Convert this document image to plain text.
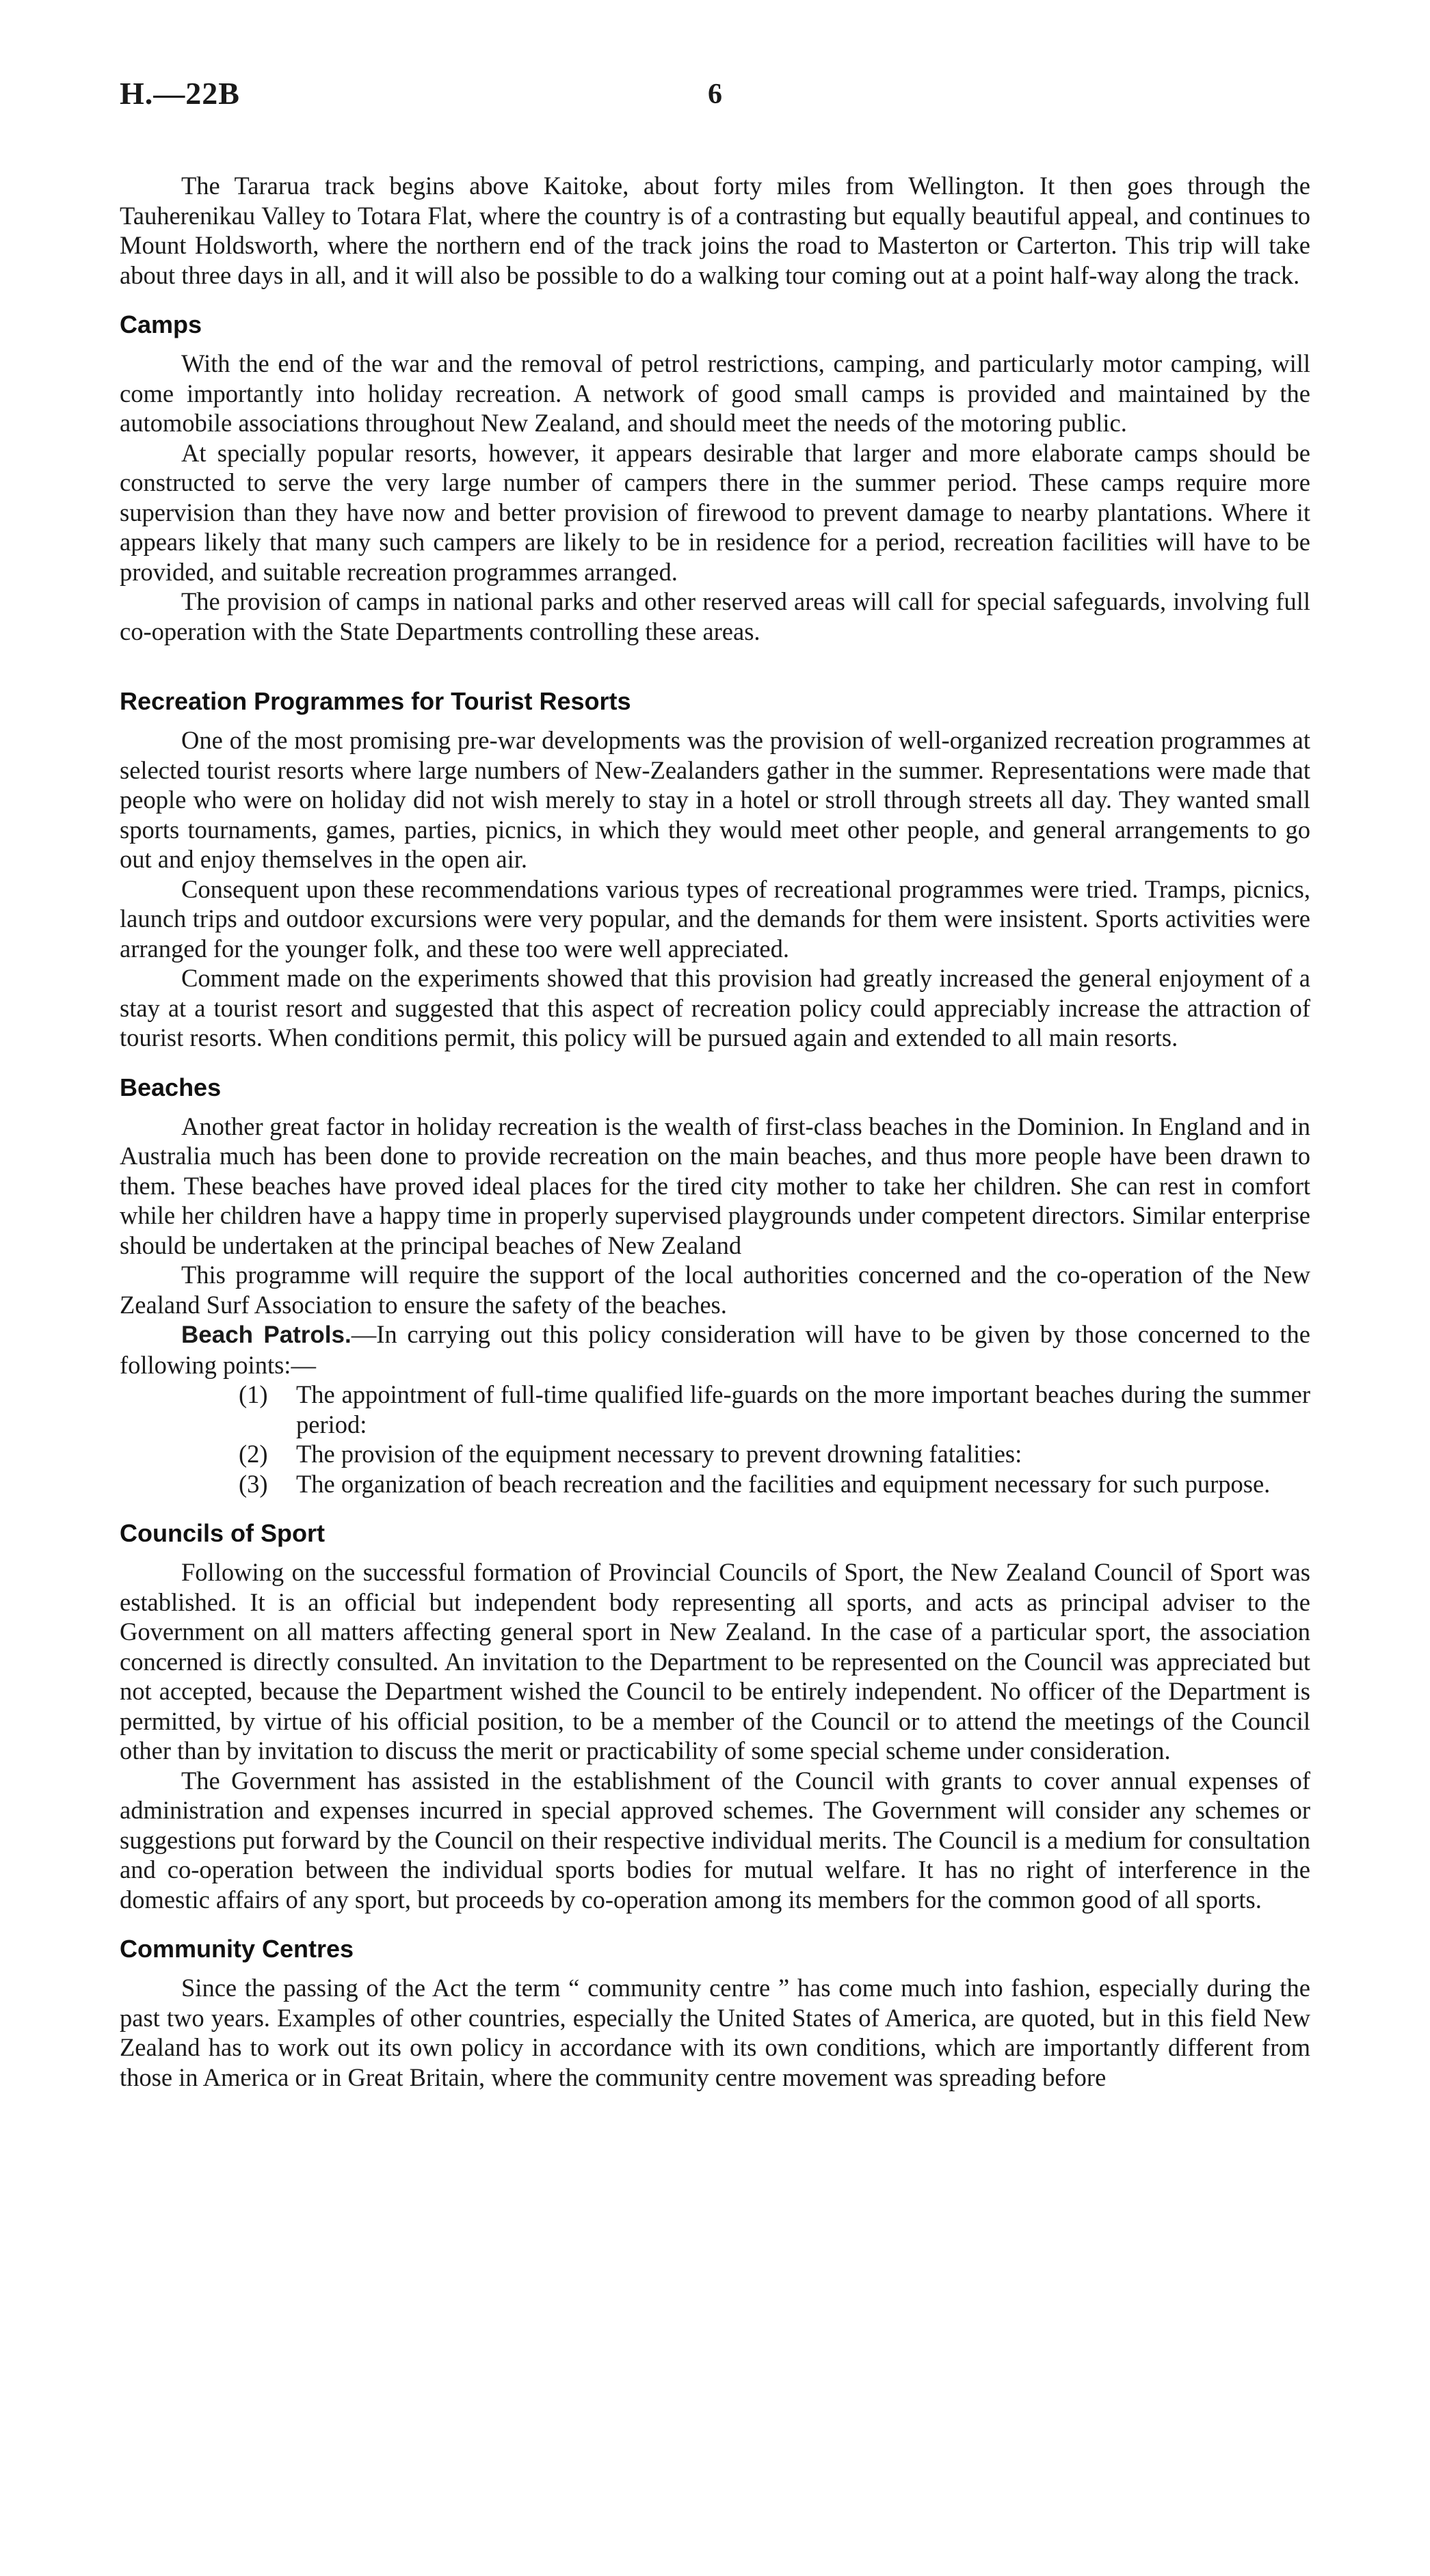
H.—22B	6

The Tararua track begins above Kaitoke, about forty miles from Wellington. It then goes through the Tauherenikau Valley to Totara Flat, where the country is of a contrasting but equally beautiful appeal, and continues to Mount Holdsworth, where the northern end of the track joins the road to Masterton or Carterton. This trip will take about three days in all, and it will also be possible to do a walking tour coming out at a point half-way along the track.

Camps

With the end of the war and the removal of petrol restrictions, camping, and particularly motor camping, will come importantly into holiday recreation. A network of good small camps is provided and maintained by the automobile associations throughout New Zealand, and should meet the needs of the motoring public.

At specially popular resorts, however, it appears desirable that larger and more elaborate camps should be constructed to serve the very large number of campers there in the summer period. These camps require more supervision than they have now and better provision of firewood to prevent damage to nearby plantations. Where it appears likely that many such campers are likely to be in residence for a period, recreation facilities will have to be provided, and suitable recreation programmes arranged.

The provision of camps in national parks and other reserved areas will call for special safeguards, involving full co-operation with the State Departments controlling these areas.

Recreation Programmes for Tourist Resorts

One of the most promising pre-war developments was the provision of well-organized recreation programmes at selected tourist resorts where large numbers of New-Zealanders gather in the summer. Representations were made that people who were on holiday did not wish merely to stay in a hotel or stroll through streets all day. They wanted small sports tournaments, games, parties, picnics, in which they would meet other people, and general arrangements to go out and enjoy themselves in the open air.

Consequent upon these recommendations various types of recreational programmes were tried. Tramps, picnics, launch trips and outdoor excursions were very popular, and the demands for them were insistent. Sports activities were arranged for the younger folk, and these too were well appreciated.

Comment made on the experiments showed that this provision had greatly increased the general enjoyment of a stay at a tourist resort and suggested that this aspect of recreation policy could appreciably increase the attraction of tourist resorts. When conditions permit, this policy will be pursued again and extended to all main resorts.

Beaches

Another great factor in holiday recreation is the wealth of first-class beaches in the Dominion. In England and in Australia much has been done to provide recreation on the main beaches, and thus more people have been drawn to them. These beaches have proved ideal places for the tired city mother to take her children. She can rest in comfort while her children have a happy time in properly supervised playgrounds under competent directors. Similar enterprise should be undertaken at the principal beaches of New Zealand

This programme will require the support of the local authorities concerned and the co-operation of the New Zealand Surf Association to ensure the safety of the beaches.

Beach Patrols.—In carrying out this policy consideration will have to be given by those concerned to the following points:—

(1) The appointment of full-time qualified life-guards on the more important beaches during the summer period:
(2) The provision of the equipment necessary to prevent drowning fatalities:
(3) The organization of beach recreation and the facilities and equipment necessary for such purpose.
Councils of Sport

Following on the successful formation of Provincial Councils of Sport, the New Zealand Council of Sport was established. It is an official but independent body representing all sports, and acts as principal adviser to the Government on all matters affecting general sport in New Zealand. In the case of a particular sport, the association concerned is directly consulted. An invitation to the Department to be represented on the Council was appreciated but not accepted, because the Department wished the Council to be entirely independent. No officer of the Department is permitted, by virtue of his official position, to be a member of the Council or to attend the meetings of the Council other than by invitation to discuss the merit or practicability of some special scheme under consideration.

The Government has assisted in the establishment of the Council with grants to cover annual expenses of administration and expenses incurred in special approved schemes. The Government will consider any schemes or suggestions put forward by the Council on their respective individual merits. The Council is a medium for consultation and co-operation between the individual sports bodies for mutual welfare. It has no right of interference in the domestic affairs of any sport, but proceeds by co-operation among its members for the common good of all sports.

Community Centres

Since the passing of the Act the term “ community centre ” has come much into fashion, especially during the past two years. Examples of other countries, especially the United States of America, are quoted, but in this field New Zealand has to work out its own policy in accordance with its own conditions, which are importantly different from those in America or in Great Britain, where the community centre movement was spreading before
